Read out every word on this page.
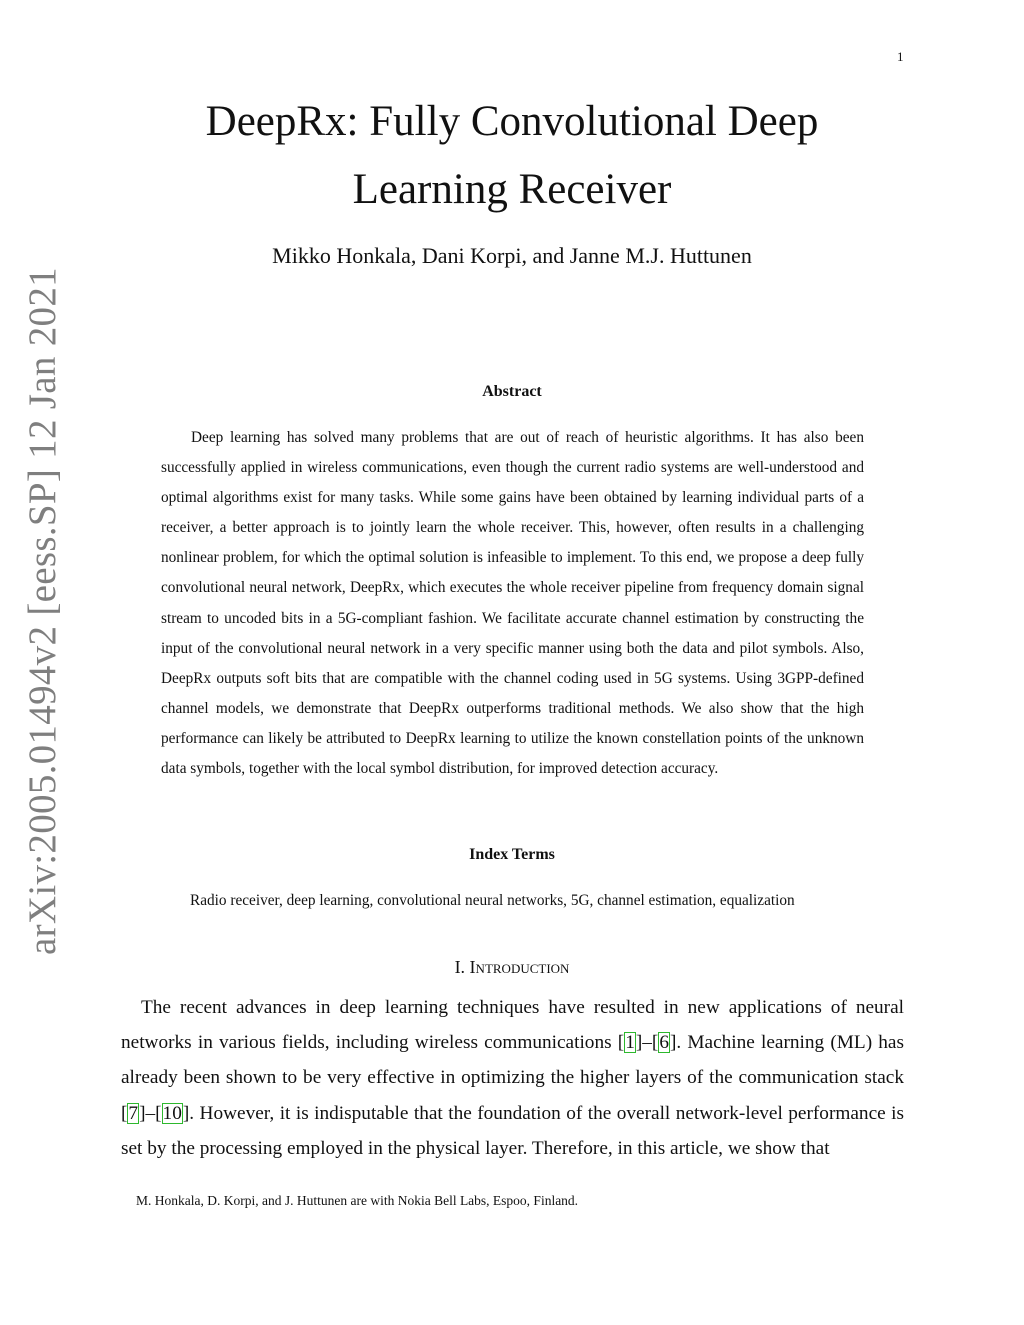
1
arXiv:2005.01494v2 [eess.SP] 12 Jan 2021
DeepRx: Fully Convolutional Deep Learning Receiver
Mikko Honkala, Dani Korpi, and Janne M.J. Huttunen
Abstract

Deep learning has solved many problems that are out of reach of heuristic algorithms. It has also been successfully applied in wireless communications, even though the current radio systems are well-understood and optimal algorithms exist for many tasks. While some gains have been obtained by learning individual parts of a receiver, a better approach is to jointly learn the whole receiver. This, however, often results in a challenging nonlinear problem, for which the optimal solution is infeasible to implement. To this end, we propose a deep fully convolutional neural network, DeepRx, which executes the whole receiver pipeline from frequency domain signal stream to uncoded bits in a 5G-compliant fashion. We facilitate accurate channel estimation by constructing the input of the convolutional neural network in a very specific manner using both the data and pilot symbols. Also, DeepRx outputs soft bits that are compatible with the channel coding used in 5G systems. Using 3GPP-defined channel models, we demonstrate that DeepRx outperforms traditional methods. We also show that the high performance can likely be attributed to DeepRx learning to utilize the known constellation points of the unknown data symbols, together with the local symbol distribution, for improved detection accuracy.

Index Terms
Radio receiver, deep learning, convolutional neural networks, 5G, channel estimation, equalization
I. Introduction

The recent advances in deep learning techniques have resulted in new applications of neural networks in various fields, including wireless communications [1]–[6]. Machine learning (ML) has already been shown to be very effective in optimizing the higher layers of the communication stack [7]–[10]. However, it is indisputable that the foundation of the overall network-level performance is set by the processing employed in the physical layer. Therefore, in this article, we show that

M. Honkala, D. Korpi, and J. Huttunen are with Nokia Bell Labs, Espoo, Finland.
